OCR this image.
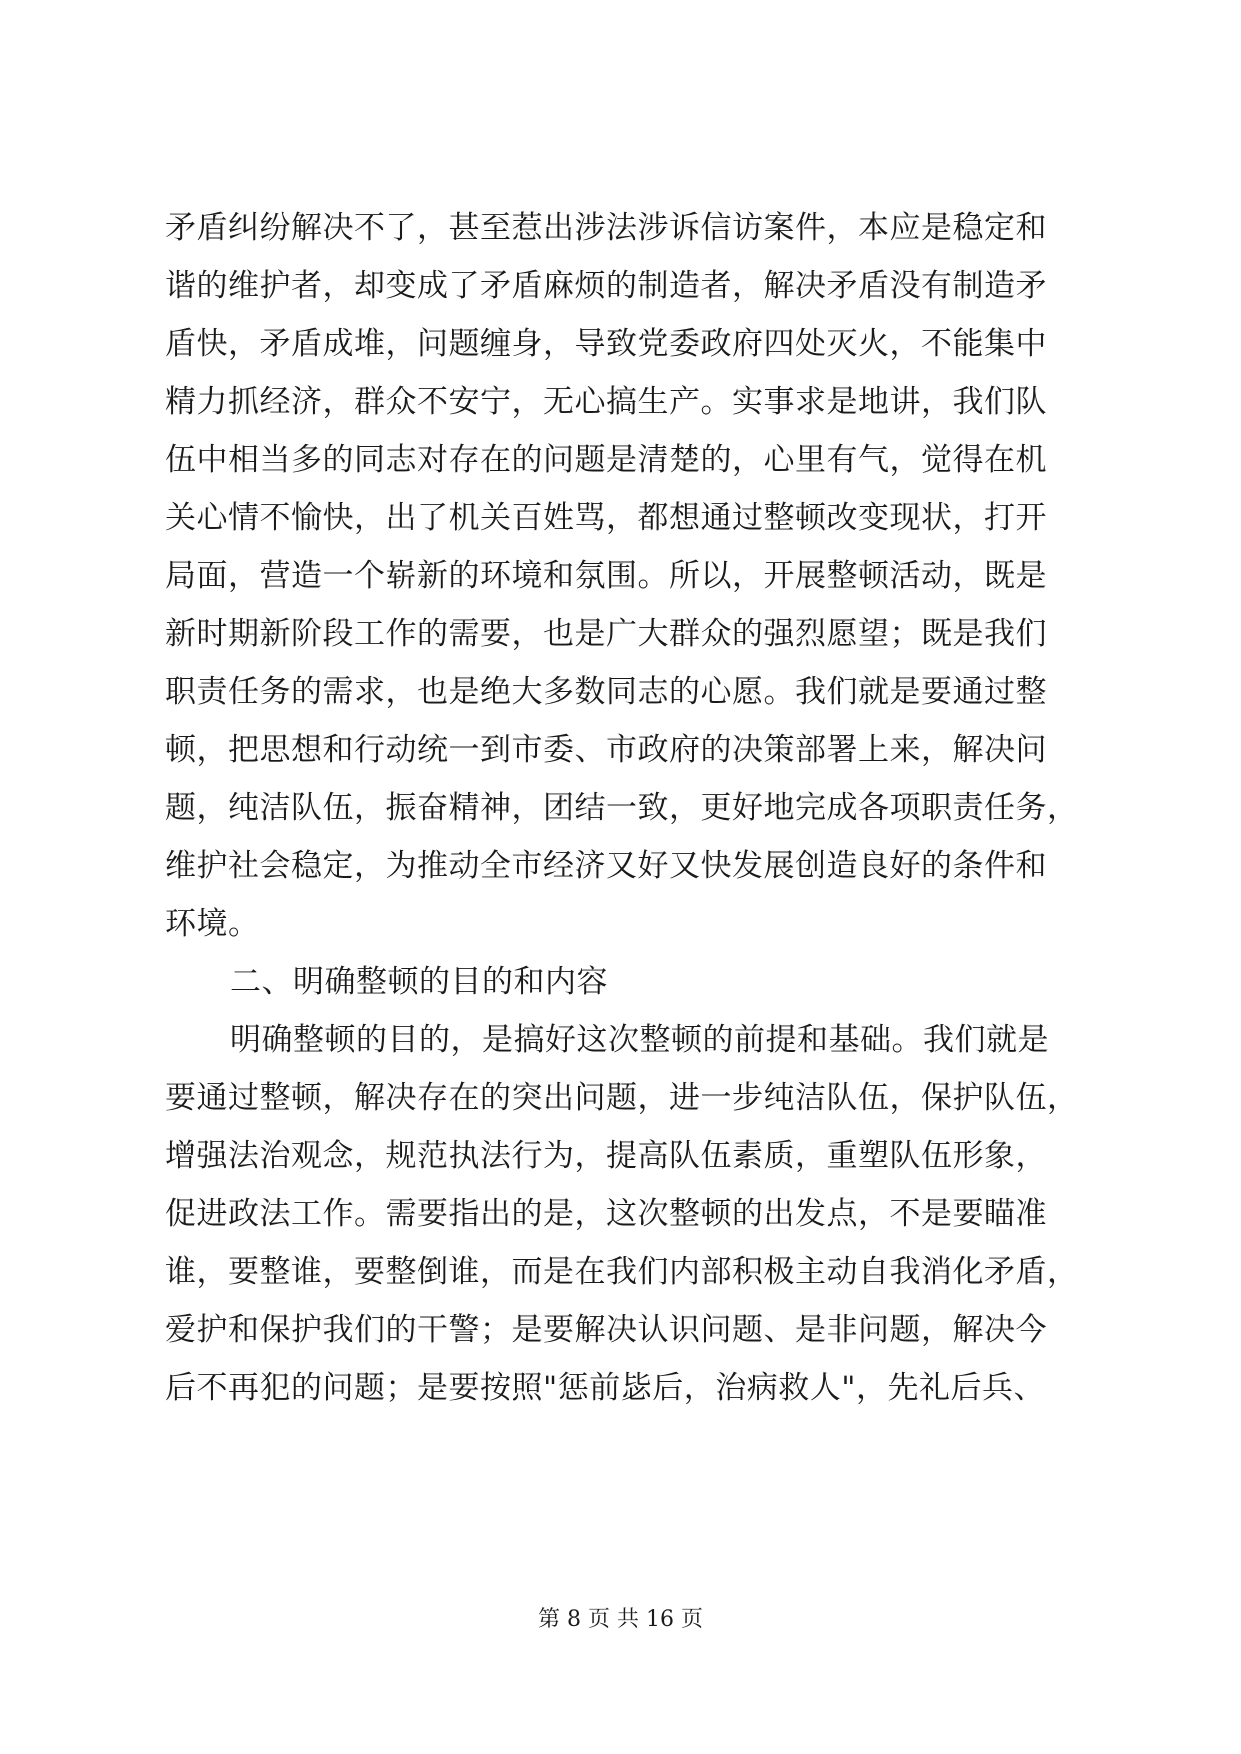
矛盾纠纷解决不了，甚至惹出涉法涉诉信访案件，本应是稳定和
谐的维护者，却变成了矛盾麻烦的制造者，解决矛盾没有制造矛
盾快，矛盾成堆，问题缠身，导致党委政府四处灭火，不能集中
精力抓经济，群众不安宁，无心搞生产。实事求是地讲，我们队
伍中相当多的同志对存在的问题是清楚的，心里有气，觉得在机
关心情不愉快，出了机关百姓骂，都想通过整顿改变现状，打开
局面，营造一个崭新的环境和氛围。所以，开展整顿活动，既是
新时期新阶段工作的需要，也是广大群众的强烈愿望；既是我们
职责任务的需求，也是绝大多数同志的心愿。我们就是要通过整
顿，把思想和行动统一到市委、市政府的决策部署上来，解决问
题，纯洁队伍，振奋精神，团结一致，更好地完成各项职责任务，
维护社会稳定，为推动全市经济又好又快发展创造良好的条件和
环境。
二、明确整顿的目的和内容
明确整顿的目的，是搞好这次整顿的前提和基础。我们就是
要通过整顿，解决存在的突出问题，进一步纯洁队伍，保护队伍，
增强法治观念，规范执法行为，提高队伍素质，重塑队伍形象，
促进政法工作。需要指出的是，这次整顿的出发点，不是要瞄准
谁，要整谁，要整倒谁，而是在我们内部积极主动自我消化矛盾，
爱护和保护我们的干警；是要解决认识问题、是非问题，解决今
后不再犯的问题；是要按照"惩前毖后，治病救人"，先礼后兵、
第 8 页 共 16 页
